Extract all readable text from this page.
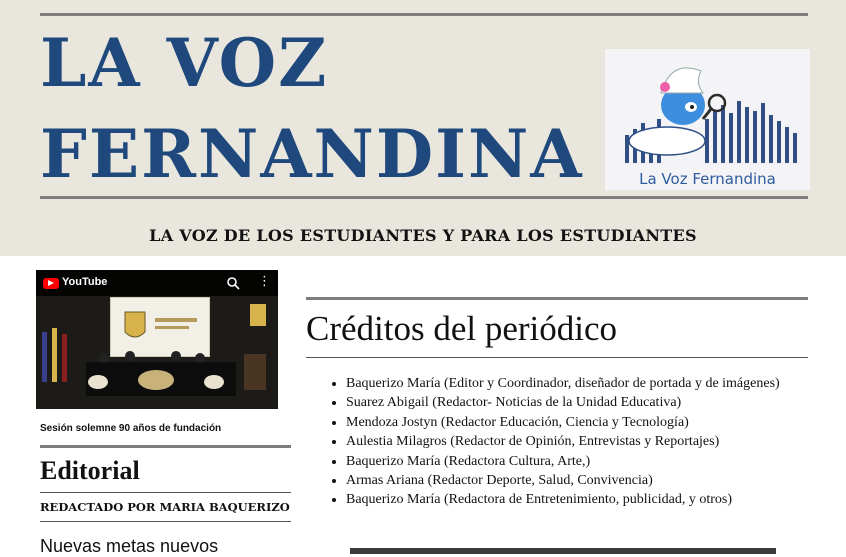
LA VOZ
FERNANDINA	La Voz Fernandina
LA VOZ DE LOS ESTUDIANTES Y PARA LOS ESTUDIANTES
YouTube	⋮
Sesión solemne 90 años de fundación
Editorial
REDACTADO POR MARIA BAQUERIZO
Nuevas metas nuevos
Créditos del periódico
• Baquerizo María (Editor y Coordinador, diseñador de portada y de imágenes)
• Suarez Abigail (Redactor- Noticias de la Unidad Educativa)
• Mendoza Jostyn (Redactor Educación, Ciencia y Tecnología)
• Aulestia Milagros (Redactor de Opinión, Entrevistas y Reportajes)
• Baquerizo María (Redactora Cultura, Arte,)
• Armas Ariana (Redactor Deporte, Salud, Convivencia)
• Baquerizo María (Redactora de Entretenimiento, publicidad, y otros)
